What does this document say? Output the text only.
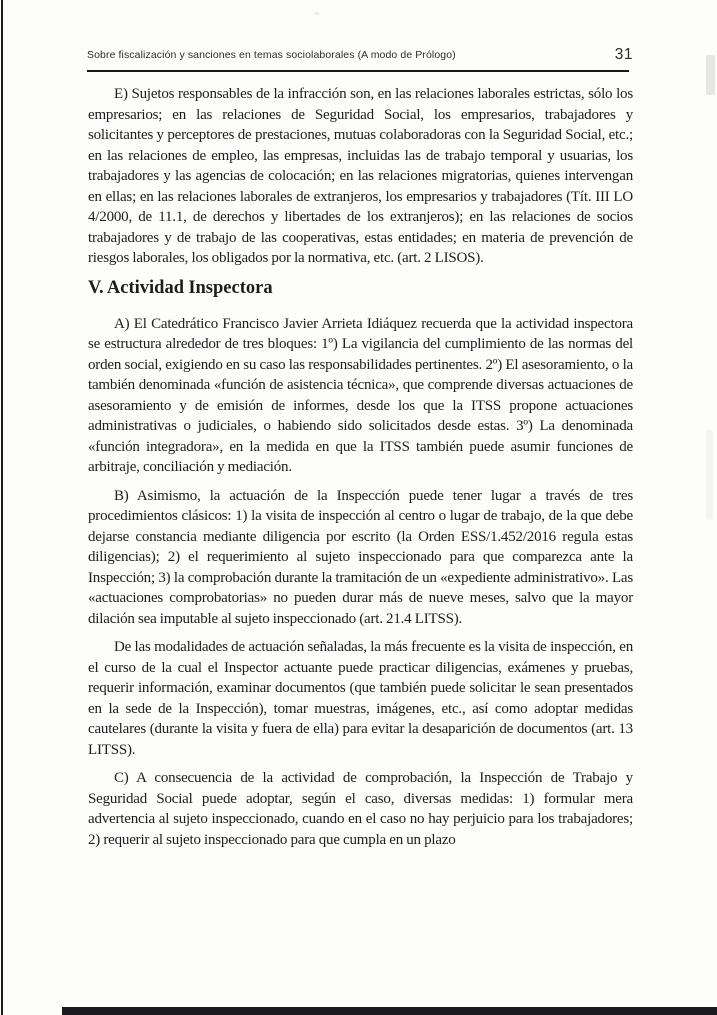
Sobre fiscalización y sanciones en temas sociolaborales (A modo de Prólogo)	31

E) Sujetos responsables de la infracción son, en las relaciones laborales estrictas, sólo los empresarios; en las relaciones de Seguridad Social, los empresarios, trabajadores y solicitantes y perceptores de prestaciones, mutuas colaboradoras con la Seguridad Social, etc.; en las relaciones de empleo, las empresas, incluidas las de trabajo temporal y usuarias, los trabajadores y las agencias de colocación; en las relaciones migratorias, quienes intervengan en ellas; en las relaciones laborales de extranjeros, los empresarios y trabajadores (Tít. III LO 4/2000, de 11.1, de derechos y libertades de los extranjeros); en las relaciones de socios trabajadores y de trabajo de las cooperativas, estas entidades; en materia de prevención de riesgos laborales, los obligados por la normativa, etc. (art. 2 LISOS).

V. Actividad Inspectora

A) El Catedrático Francisco Javier Arrieta Idiáquez recuerda que la actividad inspectora se estructura alrededor de tres bloques: 1º) La vigilancia del cumplimiento de las normas del orden social, exigiendo en su caso las responsabilidades pertinentes. 2º) El asesoramiento, o la también denominada «función de asistencia técnica», que comprende diversas actuaciones de asesoramiento y de emisión de informes, desde los que la ITSS propone actuaciones administrativas o judiciales, o habiendo sido solicitados desde estas. 3º) La denominada «función integradora», en la medida en que la ITSS también puede asumir funciones de arbitraje, conciliación y mediación.

B) Asimismo, la actuación de la Inspección puede tener lugar a través de tres procedimientos clásicos: 1) la visita de inspección al centro o lugar de trabajo, de la que debe dejarse constancia mediante diligencia por escrito (la Orden ESS/1.452/2016 regula estas diligencias); 2) el requerimiento al sujeto inspeccionado para que comparezca ante la Inspección; 3) la comprobación durante la tramitación de un «expediente administrativo». Las «actuaciones comprobatorias» no pueden durar más de nueve meses, salvo que la mayor dilación sea imputable al sujeto inspeccionado (art. 21.4 LITSS).

De las modalidades de actuación señaladas, la más frecuente es la visita de inspección, en el curso de la cual el Inspector actuante puede practicar diligencias, exámenes y pruebas, requerir información, examinar documentos (que también puede solicitar le sean presentados en la sede de la Inspección), tomar muestras, imágenes, etc., así como adoptar medidas cautelares (durante la visita y fuera de ella) para evitar la desaparición de documentos (art. 13 LITSS).

C) A consecuencia de la actividad de comprobación, la Inspección de Trabajo y Seguridad Social puede adoptar, según el caso, diversas medidas: 1) formular mera advertencia al sujeto inspeccionado, cuando en el caso no hay perjuicio para los trabajadores; 2) requerir al sujeto inspeccionado para que cumpla en un plazo
